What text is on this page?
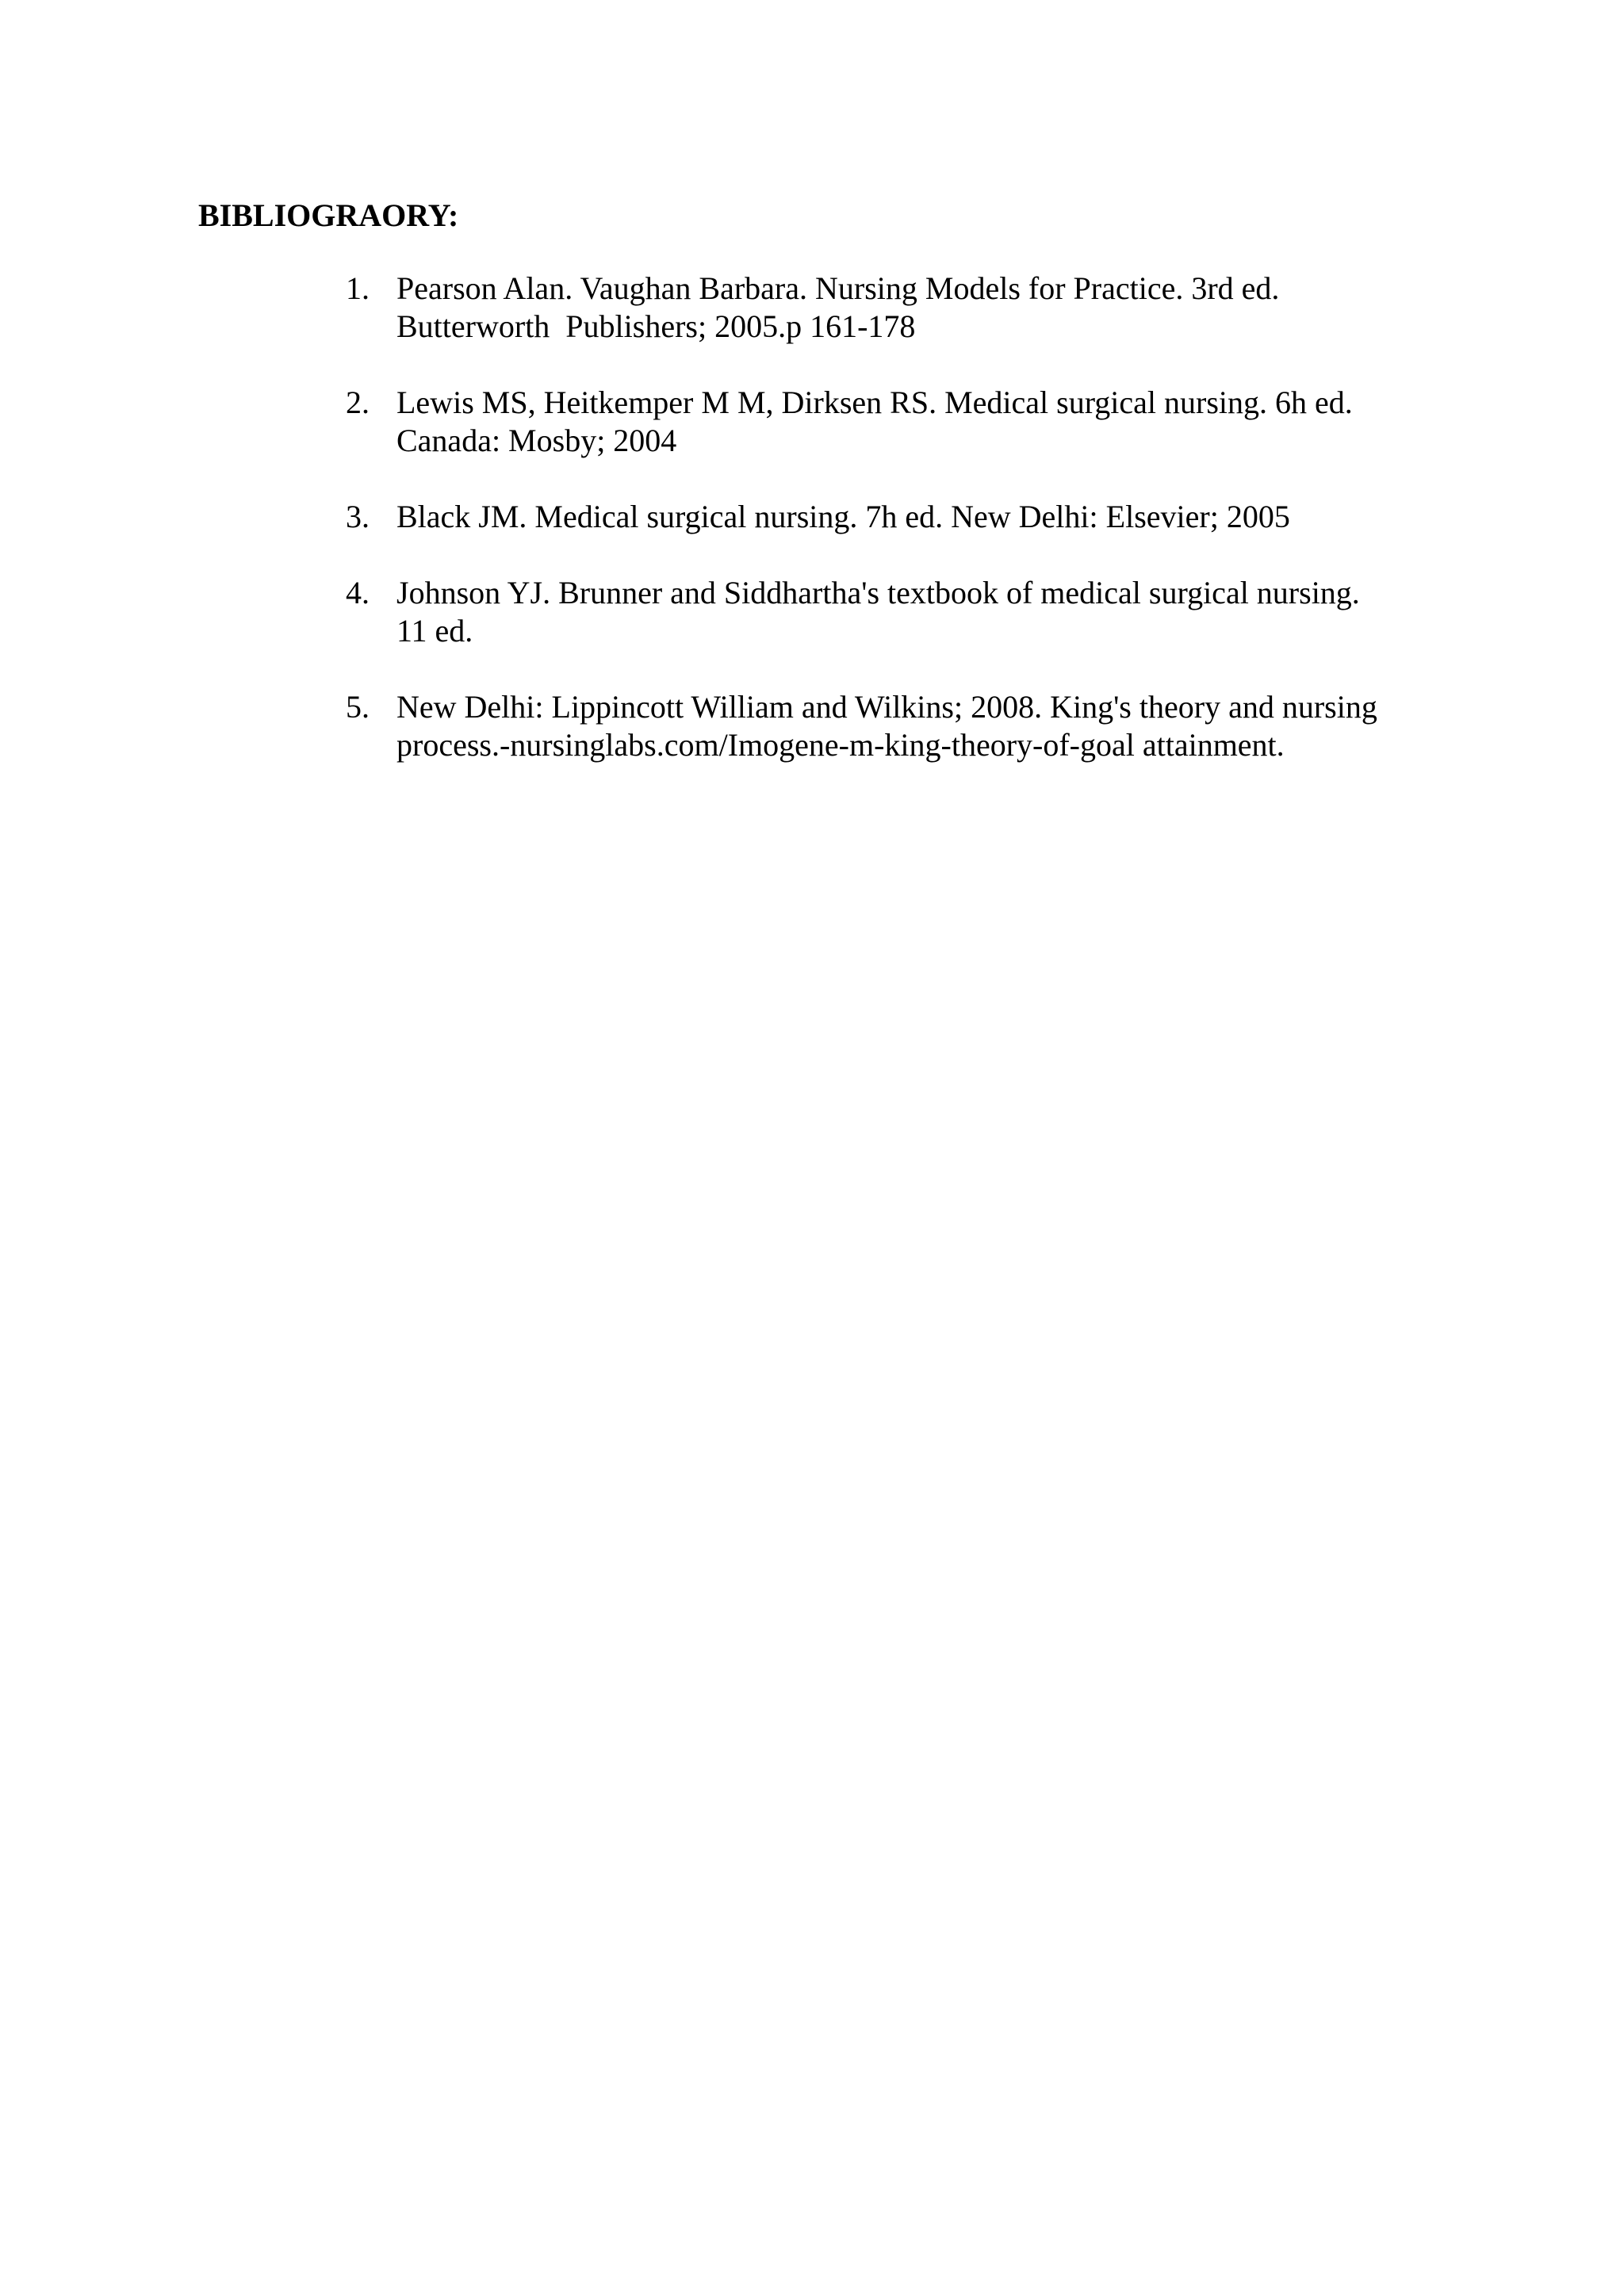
BIBLIOGRAORY:
1. Pearson Alan. Vaughan Barbara. Nursing Models for Practice. 3rd ed.
Butterworth  Publishers; 2005.p 161-178
2. Lewis MS, Heitkemper M M, Dirksen RS. Medical surgical nursing. 6h ed.
Canada: Mosby; 2004
3. Black JM. Medical surgical nursing. 7h ed. New Delhi: Elsevier; 2005
4. Johnson YJ. Brunner and Siddhartha's textbook of medical surgical nursing.
11 ed.
5. New Delhi: Lippincott William and Wilkins; 2008. King's theory and nursing
process.-nursinglabs.com/Imogene-m-king-theory-of-goal attainment.
